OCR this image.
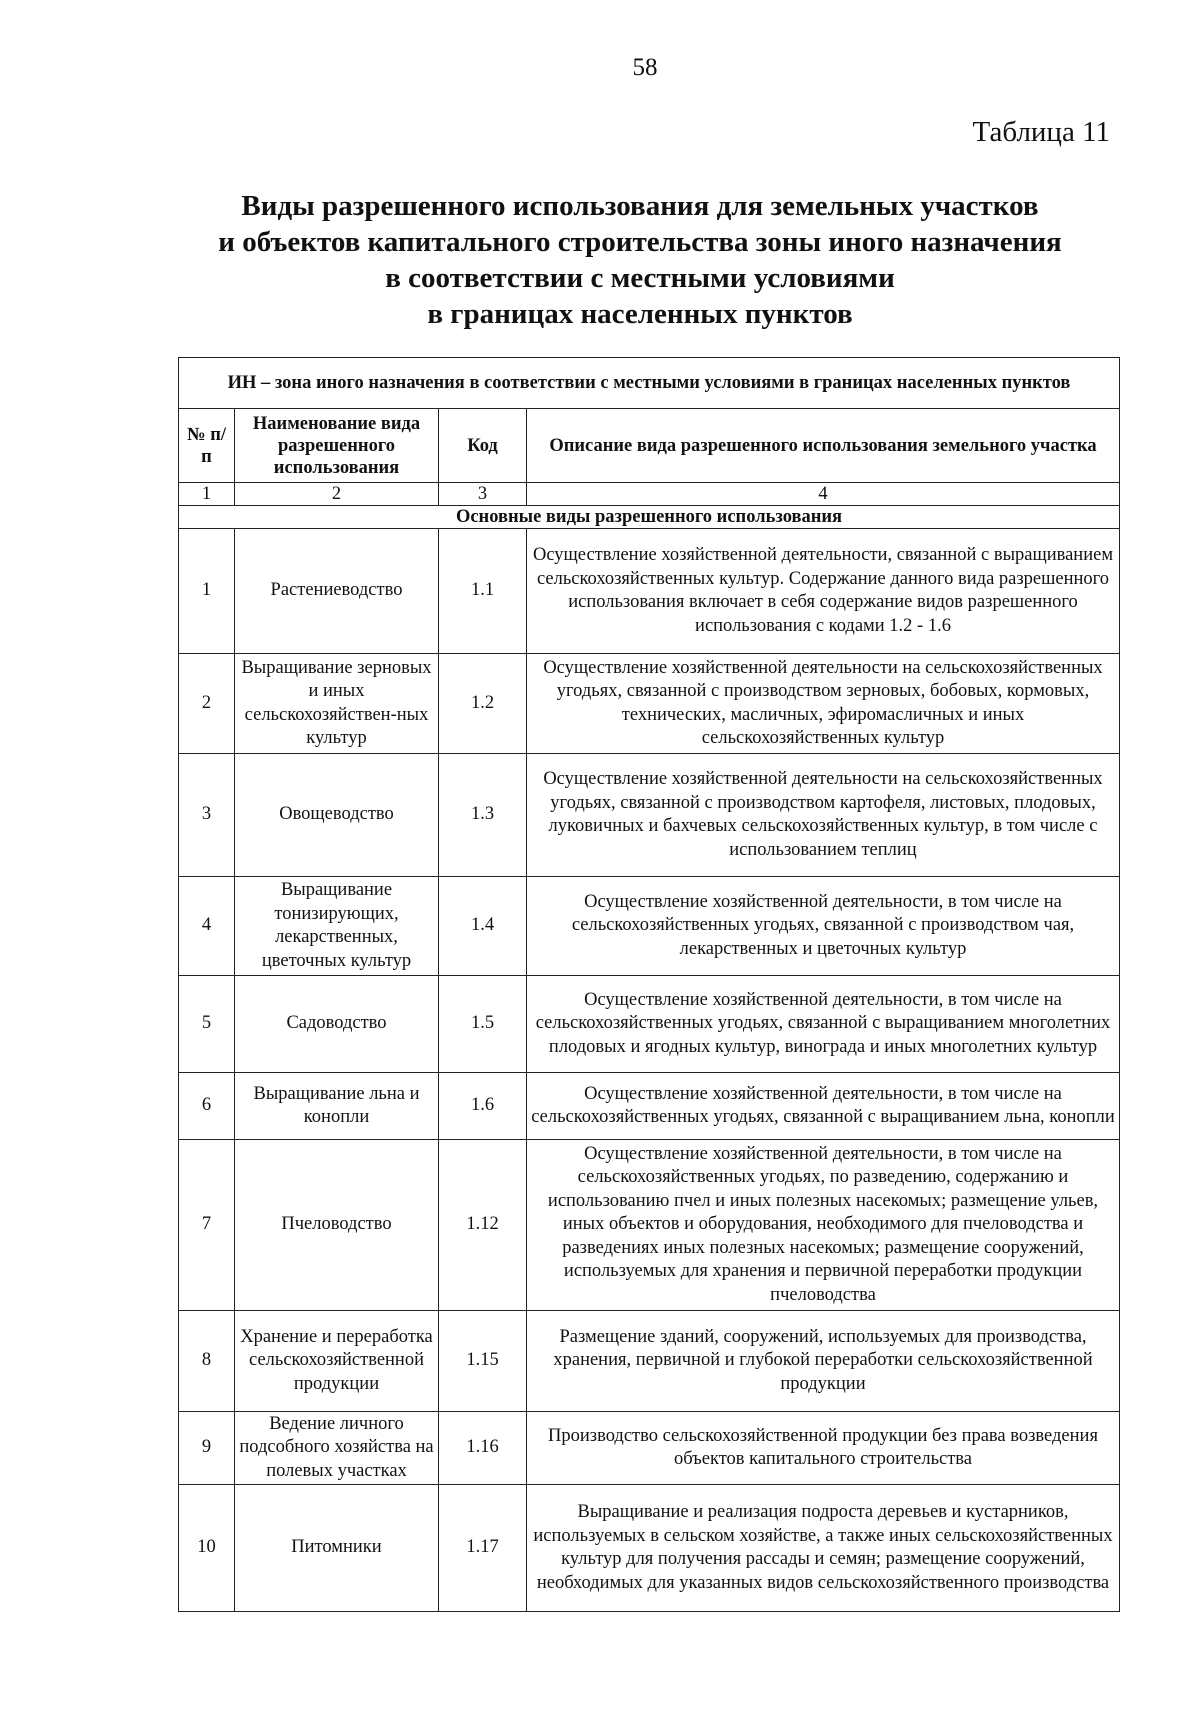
58
Таблица 11
Виды разрешенного использования для земельных участков
и объектов капитального строительства зоны иного назначения
в соответствии с местными условиями
в границах населенных пунктов
ИН – зона иного назначения в соответствии с местными условиями в границах населенных пунктов			
№ п/п	Наименование вида разрешенного использования	Код	Описание вида разрешенного использования земельного участка
1	2	3	4
Основные виды разрешенного использования			
1	Растениеводство	1.1	Осуществление хозяйственной деятельности, связанной с выращиванием сельскохозяйственных культур. Содержание данного вида разрешенного использования включает в себя содержание видов разрешенного использования с кодами 1.2 - 1.6
2	Выращивание зерновых и иных сельскохозяйствен-ных культур	1.2	Осуществление хозяйственной деятельности на сельскохозяйственных угодьях, связанной с производством зерновых, бобовых, кормовых, технических, масличных, эфиромасличных и иных сельскохозяйственных культур
3	Овощеводство	1.3	Осуществление хозяйственной деятельности на сельскохозяйственных угодьях, связанной с производством картофеля, листовых, плодовых, луковичных и бахчевых сельскохозяйственных культур, в том числе с использованием теплиц
4	Выращивание тонизирующих, лекарственных, цветочных культур	1.4	Осуществление хозяйственной деятельности, в том числе на сельскохозяйственных угодьях, связанной с производством чая, лекарственных и цветочных культур
5	Садоводство	1.5	Осуществление хозяйственной деятельности, в том числе на сельскохозяйственных угодьях, связанной с выращиванием многолетних плодовых и ягодных культур, винограда и иных многолетних культур
6	Выращивание льна и конопли	1.6	Осуществление хозяйственной деятельности, в том числе на сельскохозяйственных угодьях, связанной с выращиванием льна, конопли
7	Пчеловодство	1.12	Осуществление хозяйственной деятельности, в том числе на сельскохозяйственных угодьях, по разведению, содержанию и использованию пчел и иных полезных насекомых; размещение ульев, иных объектов и оборудования, необходимого для пчеловодства и разведениях иных полезных насекомых; размещение сооружений, используемых для хранения и первичной переработки продукции пчеловодства
8	Хранение и переработка сельскохозяйственной продукции	1.15	Размещение зданий, сооружений, используемых для производства, хранения, первичной и глубокой переработки сельскохозяйственной продукции
9	Ведение личного подсобного хозяйства на полевых участках	1.16	Производство сельскохозяйственной продукции без права возведения объектов капитального строительства
10	Питомники	1.17	Выращивание и реализация подроста деревьев и кустарников, используемых в сельском хозяйстве, а также иных сельскохозяйственных культур для получения рассады и семян; размещение сооружений, необходимых для указанных видов сельскохозяйственного производства
